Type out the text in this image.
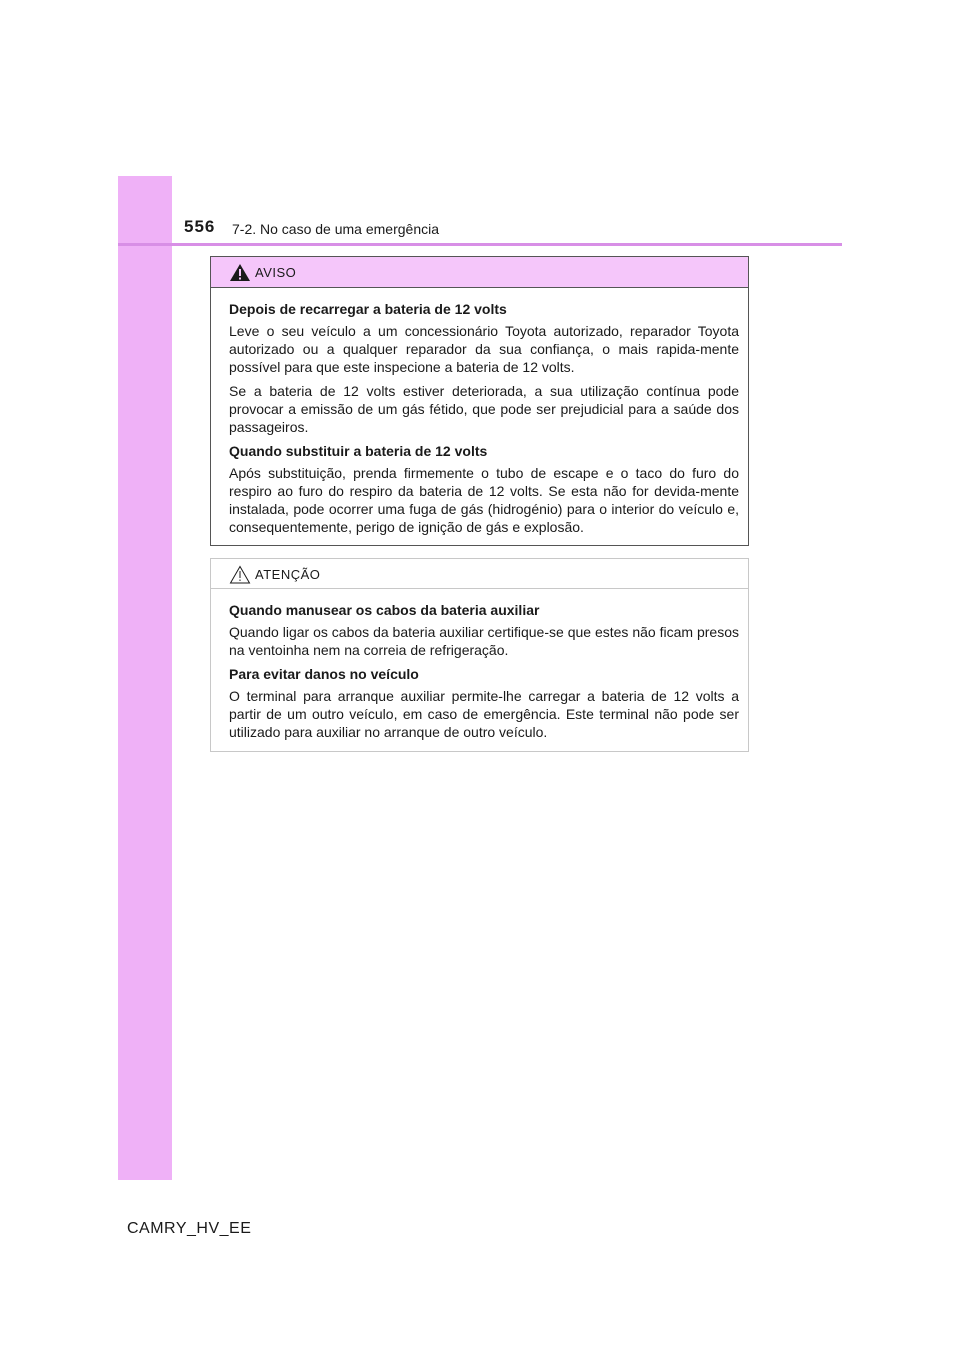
556 7-2. No caso de uma emergência
AVISO

Depois de recarregar a bateria de 12 volts

Leve o seu veículo a um concessionário Toyota autorizado, reparador Toyota autorizado ou a qualquer reparador da sua confiança, o mais rapida-mente possível para que este inspecione a bateria de 12 volts.

Se a bateria de 12 volts estiver deteriorada, a sua utilização contínua pode provocar a emissão de um gás fétido, que pode ser prejudicial para a saúde dos passageiros.

Quando substituir a bateria de 12 volts

Após substituição, prenda firmemente o tubo de escape e o taco do furo do respiro ao furo do respiro da bateria de 12 volts. Se esta não for devida-mente instalada, pode ocorrer uma fuga de gás (hidrogénio) para o interior do veículo e, consequentemente, perigo de ignição de gás e explosão.

ATENÇÃO

Quando manusear os cabos da bateria auxiliar

Quando ligar os cabos da bateria auxiliar certifique-se que estes não ficam presos na ventoinha nem na correia de refrigeração.

Para evitar danos no veículo

O terminal para arranque auxiliar permite-lhe carregar a bateria de 12 volts a partir de um outro veículo, em caso de emergência. Este terminal não pode ser utilizado para auxiliar no arranque de outro veículo.

CAMRY_HV_EE
